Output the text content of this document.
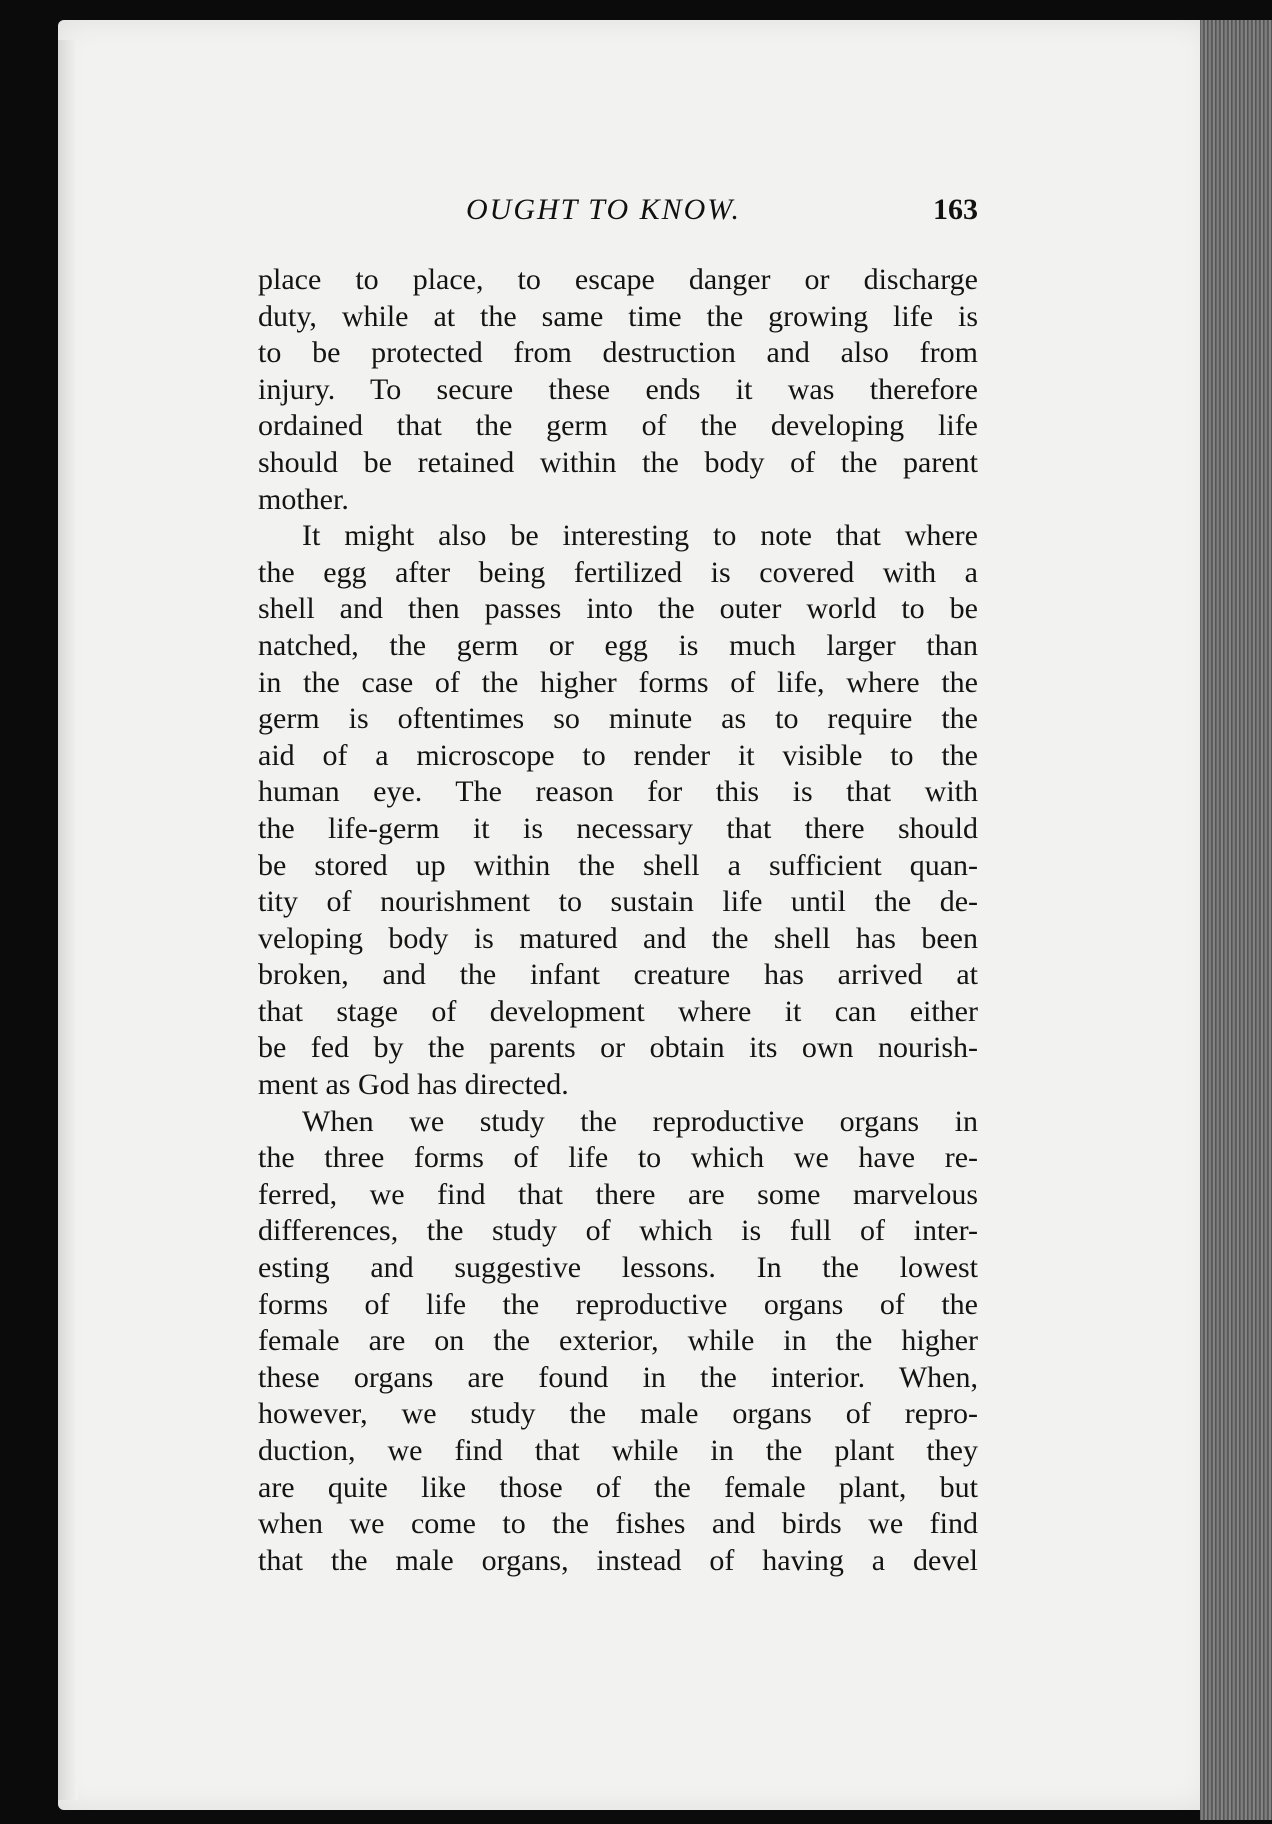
OUGHT TO KNOW.	163
place to place, to escape danger or discharge
duty, while at the same time the growing life is
to be protected from destruction and also from
injury. To secure these ends it was therefore
ordained that the germ of the developing life
should be retained within the body of the parent
mother.
It might also be interesting to note that where
the egg after being fertilized is covered with a
shell and then passes into the outer world to be
natched, the germ or egg is much larger than
in the case of the higher forms of life, where the
germ is oftentimes so minute as to require the
aid of a microscope to render it visible to the
human eye. The reason for this is that with
the life-germ it is necessary that there should
be stored up within the shell a sufficient quan-
tity of nourishment to sustain life until the de-
veloping body is matured and the shell has been
broken, and the infant creature has arrived at
that stage of development where it can either
be fed by the parents or obtain its own nourish-
ment as God has directed.
When we study the reproductive organs in
the three forms of life to which we have re-
ferred, we find that there are some marvelous
differences, the study of which is full of inter-
esting and suggestive lessons. In the lowest
forms of life the reproductive organs of the
female are on the exterior, while in the higher
these organs are found in the interior. When,
however, we study the male organs of repro-
duction, we find that while in the plant they
are quite like those of the female plant, but
when we come to the fishes and birds we find
that the male organs, instead of having a devel
